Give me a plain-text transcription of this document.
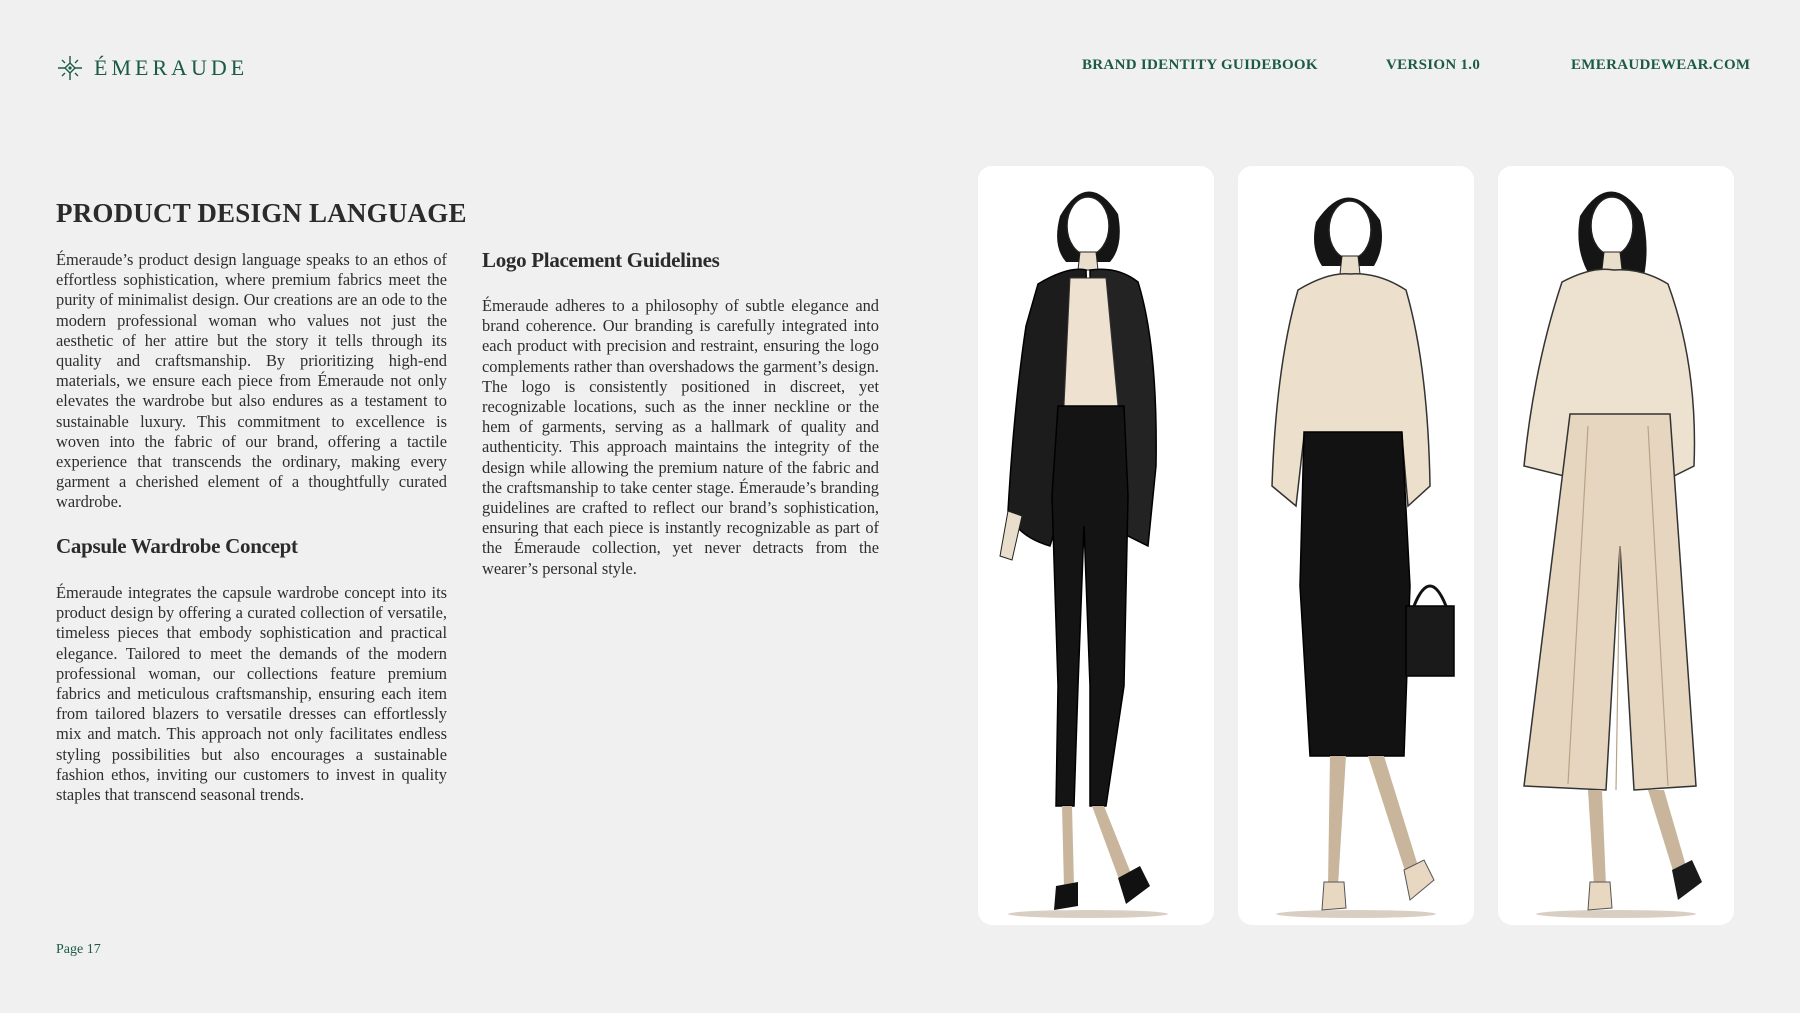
ÉMERAUDE	BRAND IDENTITY GUIDEBOOK	VERSION 1.0	EMERAUDEWEAR.COM
PRODUCT DESIGN LANGUAGE

Émeraude’s product design language speaks to an ethos of effortless sophistication, where premium fabrics meet the purity of minimalist design. Our creations are an ode to the modern professional woman who values not just the aesthetic of her attire but the story it tells through its quality and craftsmanship. By prioritizing high-end materials, we ensure each piece from Émeraude not only elevates the wardrobe but also endures as a testament to sustainable luxury. This commitment to excellence is woven into the fabric of our brand, offering a tactile experience that transcends the ordinary, making every garment a cherished element of a thoughtfully curated wardrobe.

Capsule Wardrobe Concept

Émeraude integrates the capsule wardrobe concept into its product design by offering a curated collection of versatile, timeless pieces that embody sophistication and practical elegance. Tailored to meet the demands of the modern professional woman, our collections feature premium fabrics and meticulous craftsmanship, ensuring each item from tailored blazers to versatile dresses can effortlessly mix and match. This approach not only facilitates endless styling possibilities but also encourages a sustainable fashion ethos, inviting our customers to invest in quality staples that transcend seasonal trends.

Logo Placement Guidelines

Émeraude adheres to a philosophy of subtle elegance and brand coherence. Our branding is carefully integrated into each product with precision and restraint, ensuring the logo complements rather than overshadows the garment’s design. The logo is consistently positioned in discreet, yet recognizable locations, such as the inner neckline or the hem of garments, serving as a hallmark of quality and authenticity. This approach maintains the integrity of the design while allowing the premium nature of the fabric and the craftsmanship to take center stage. Émeraude’s branding guidelines are crafted to reflect our brand’s sophistication, ensuring that each piece is instantly recognizable as part of the Émeraude collection, yet never detracts from the wearer’s personal style.

Page 17
